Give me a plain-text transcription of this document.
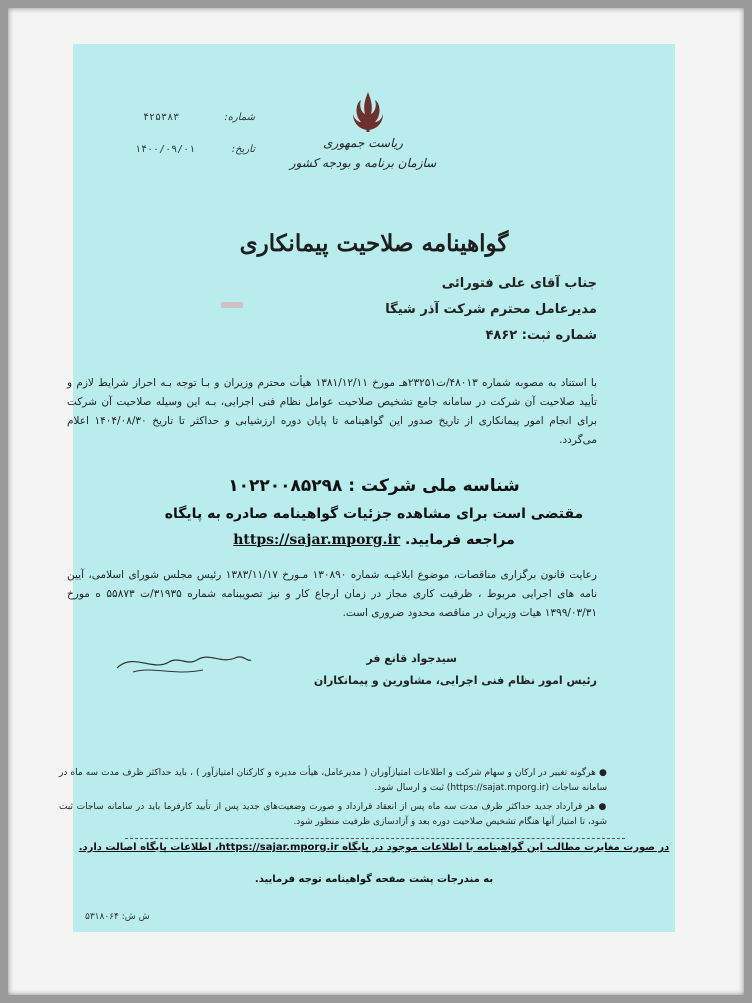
شماره:
۴۲۵۳۸۳
تاریخ:
۱۴۰۰/۰۹/۰۱	ریاست جمهوری
سازمان برنامه و بودجه کشور
گواهینامه صلاحیت پیمانکاری
جناب آقای علی فتورائی
مدیرعامل محترم شرکت آذر شیگا
شماره ثبت: ۴۸۶۲
با استناد به مصوبه شماره ۴۸۰۱۳/ت۲۳۲۵۱هـ مورخ ۱۳۸۱/۱۲/۱۱ هیأت محترم وزیران و بـا توجه بـه احراز شرایط لازم و تأیید صلاحیت آن شرکت در سامانه جامع تشخیص صلاحیت عوامل نظام فنی اجرایی، بـه این وسیله صلاحیت آن شرکت برای انجام امور پیمانکاری از تاریخ صدور این گواهینامه تا پایان دوره ارزشیابی و حداکثر تا تاریخ ۱۴۰۴/۰۸/۳۰ اعلام می‌گردد.
شناسه ملی شرکت : ۱۰۲۲۰۰۸۵۲۹۸
مقتضی است برای مشاهده جزئیات گواهینامه صادره به پایگاه
مراجعه فرمایید. https://sajar.mporg.ir
رعایت قانون برگزاری مناقصات، موضوع ابلاغیـه شماره ۱۳۰۸۹۰ مـورخ ۱۳۸۳/۱۱/۱۷ رئیس مجلس شورای اسلامی، آیین نامه های اجرایی مربوط ، ظرفیت کاری مجاز در زمان ارجاع کار و نیز تصویبنامه شماره ۳۱۹۳۵/ت ۵۵۸۷۳ ه مورخ ۱۳۹۹/۰۳/۳۱ هیات وزیران در مناقصه محدود ضروری است.
سیدجواد قانع فر
رئیس امور نظام فنی اجرایی، مشاورین و پیمانکاران
● هرگونه تغییر در ارکان و سهام شرکت و اطلاعات امتیازآوران ( مدیرعامل، هیأت مدیره و کارکنان امتیازآور ) ، باید حداکثر ظرف مدت سه ماه در سامانه ساجات (https://sajat.mporg.ir) ثبت و ارسال شود.
● هر قرارداد جدید حداکثر ظرف مدت سه ماه پس از انعقاد قرارداد و صورت وضعیت‌های جدید پس از تأیید کارفرما باید در سامانه ساجات ثبت شود، تا امتیاز آنها هنگام تشخیص صلاحیت دوره بعد و آزادسازی ظرفیت منظور شود.
در صورت مغایرت مطالب این گواهینامه با اطلاعات موجود در پایگاه https://sajar.mporg.ir، اطلاعات پایگاه اصالت دارد.
به مندرجات پشت صفحه گواهینامه توجه فرمایید.
ش ش: ۵۳۱۸۰۶۴
